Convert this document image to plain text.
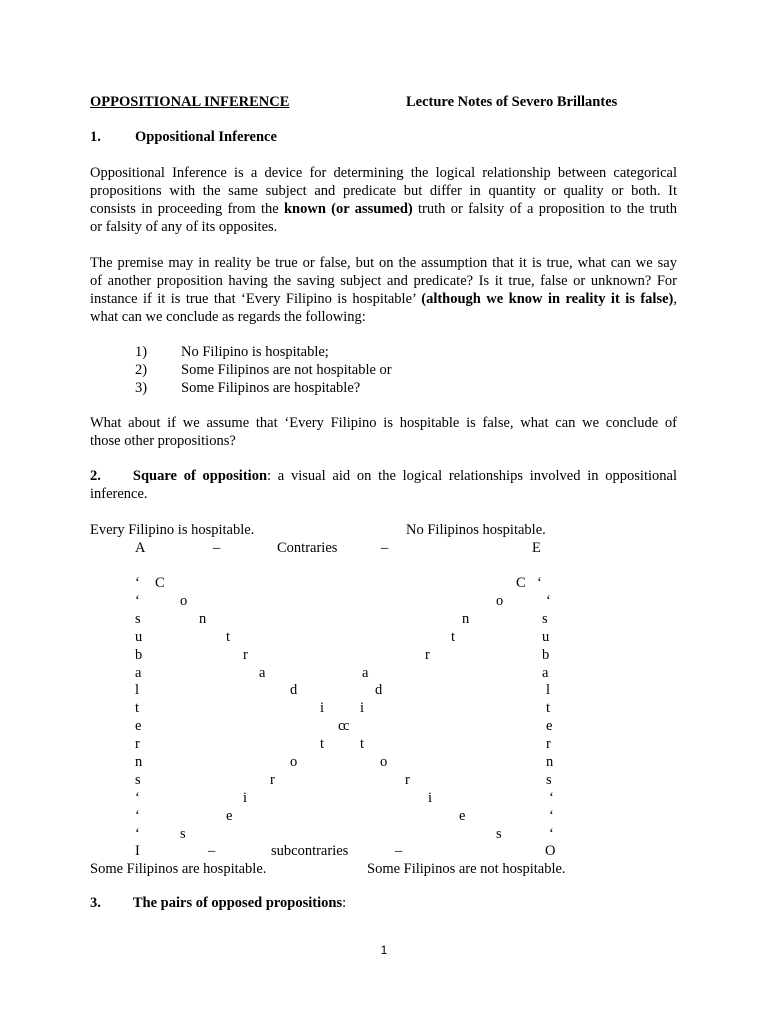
OPPOSITIONAL INFERENCE	Lecture Notes of Severo Brillantes
1. Oppositional Inference
Oppositional Inference is a device for determining the logical relationship between categorical
propositions with the same subject and predicate but differ in quantity or quality or both. It
consists in proceeding from the known (or assumed) truth or falsity of a proposition to the truth
or falsity of any of its opposites.
The premise may in reality be true or false, but on the assumption that it is true, what can we say
of another proposition having the saving subject and predicate? Is it true, false or unknown? For
instance if it is true that ‘Every Filipino is hospitable’ (although we know in reality it is false),
what can we conclude as regards the following:
1) No Filipino is hospitable;
2) Some Filipinos are not hospitable or
3) Some Filipinos are hospitable?
What about if we assume that ‘Every Filipino is hospitable is false, what can we conclude of
those other propositions?
2. Square of opposition: a visual aid on the logical relationships involved in oppositional
inference.
Every Filipino is hospitable.	No Filipinos hospitable.
A	–	Contraries	–	E
‘
‘
s
u
b
a
l
t
e
r
n
s
‘
‘
‘
‘
‘
s
u
b
a
l
t
e
r
n
s
‘
‘
‘
C
o
n
t
r
a
d
i
c
t
o
r
i
e
s
C
o
n
t
r
a
d
i
c
t
o
r
i
e
s
I	–	subcontraries	–	O
Some Filipinos are hospitable.	Some Filipinos are not hospitable.
3. The pairs of opposed propositions:
1
